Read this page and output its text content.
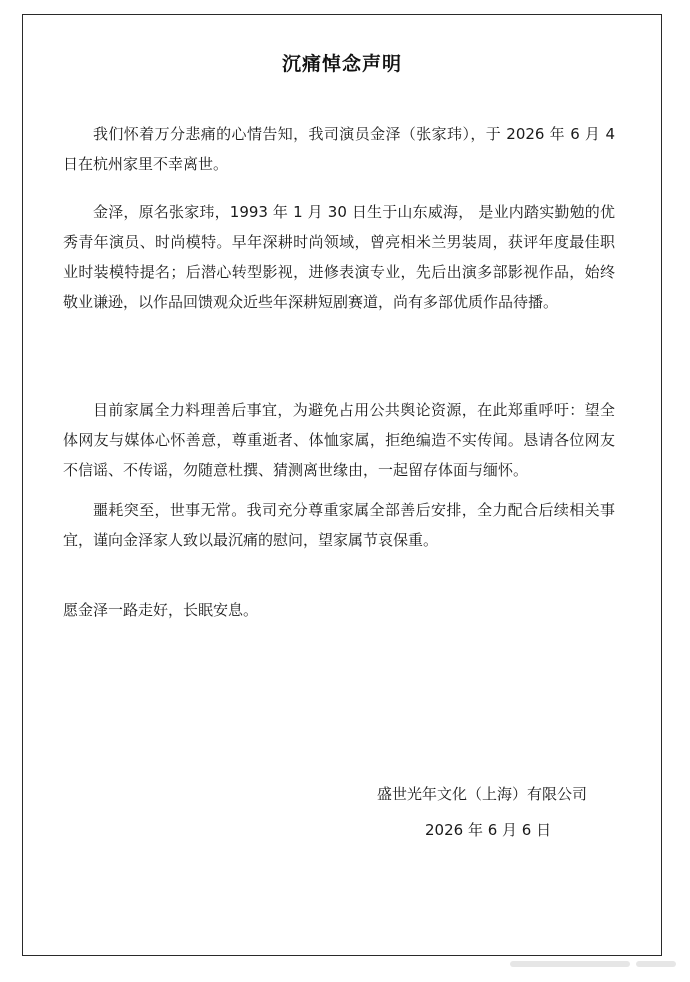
沉痛悼念声明

我们怀着万分悲痛的心情告知，我司演员金泽（张家玮），于 2026 年 6 月 4 日在杭州家里不幸离世。

金泽，原名张家玮，1993 年 1 月 30 日生于山东威海， 是业内踏实勤勉的优秀青年演员、时尚模特。早年深耕时尚领域，曾亮相米兰男装周，获评年度最佳职业时装模特提名；后潜心转型影视，进修表演专业，先后出演多部影视作品，始终敬业谦逊，以作品回馈观众近些年深耕短剧赛道，尚有多部优质作品待播。

目前家属全力料理善后事宜，为避免占用公共舆论资源，在此郑重呼吁：望全体网友与媒体心怀善意，尊重逝者、体恤家属，拒绝编造不实传闻。恳请各位网友不信谣、不传谣，勿随意杜撰、猜测离世缘由，一起留存体面与缅怀。

噩耗突至，世事无常。我司充分尊重家属全部善后安排，全力配合后续相关事宜，谨向金泽家人致以最沉痛的慰问，望家属节哀保重。

愿金泽一路走好，长眠安息。

盛世光年文化（上海）有限公司
2026 年 6 月 6 日
